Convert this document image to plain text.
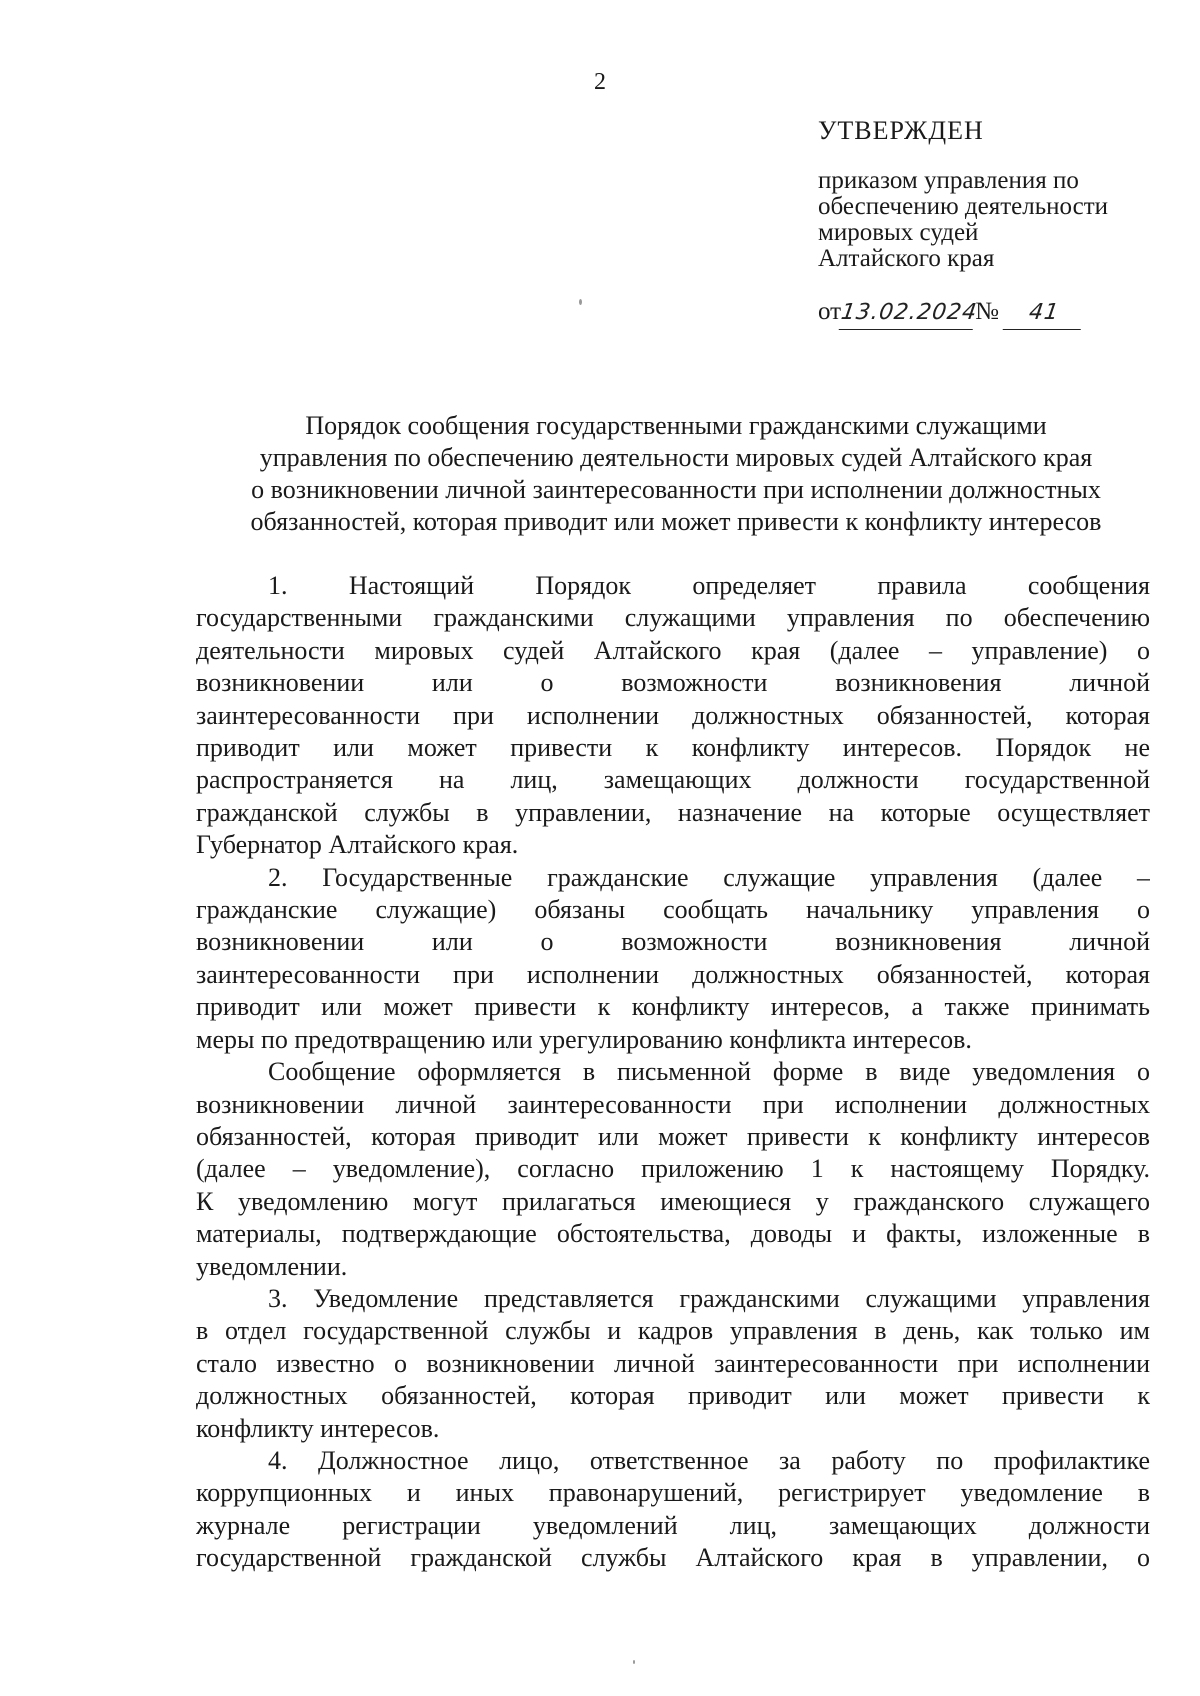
2
УТВЕРЖДЕН
приказом управления по
обеспечению деятельности
мировых судей
Алтайского края
от13.02.2024№ 41
Порядок сообщения государственными гражданскими служащими
управления по обеспечению деятельности мировых судей Алтайского края
о возникновении личной заинтересованности при исполнении должностных
обязанностей, которая приводит или может привести к конфликту интересов
1. Настоящий Порядок определяет правила сообщения
государственными гражданскими служащими управления по обеспечению
деятельности мировых судей Алтайского края (далее – управление) о
возникновении или о возможности возникновения личной
заинтересованности при исполнении должностных обязанностей, которая
приводит или может привести к конфликту интересов. Порядок не
распространяется на лиц, замещающих должности государственной
гражданской службы в управлении, назначение на которые осуществляет
Губернатор Алтайского края.
2. Государственные гражданские служащие управления (далее –
гражданские служащие) обязаны сообщать начальнику управления о
возникновении или о возможности возникновения личной
заинтересованности при исполнении должностных обязанностей, которая
приводит или может привести к конфликту интересов, а также принимать
меры по предотвращению или урегулированию конфликта интересов.
Сообщение оформляется в письменной форме в виде уведомления о
возникновении личной заинтересованности при исполнении должностных
обязанностей, которая приводит или может привести к конфликту интересов
(далее – уведомление), согласно приложению 1 к настоящему Порядку.
К уведомлению могут прилагаться имеющиеся у гражданского служащего
материалы, подтверждающие обстоятельства, доводы и факты, изложенные в
уведомлении.
3. Уведомление представляется гражданскими служащими управления
в отдел государственной службы и кадров управления в день, как только им
стало известно о возникновении личной заинтересованности при исполнении
должностных обязанностей, которая приводит или может привести к
конфликту интересов.
4. Должностное лицо, ответственное за работу по профилактике
коррупционных и иных правонарушений, регистрирует уведомление в
журнале регистрации уведомлений лиц, замещающих должности
государственной гражданской службы Алтайского края в управлении, о
